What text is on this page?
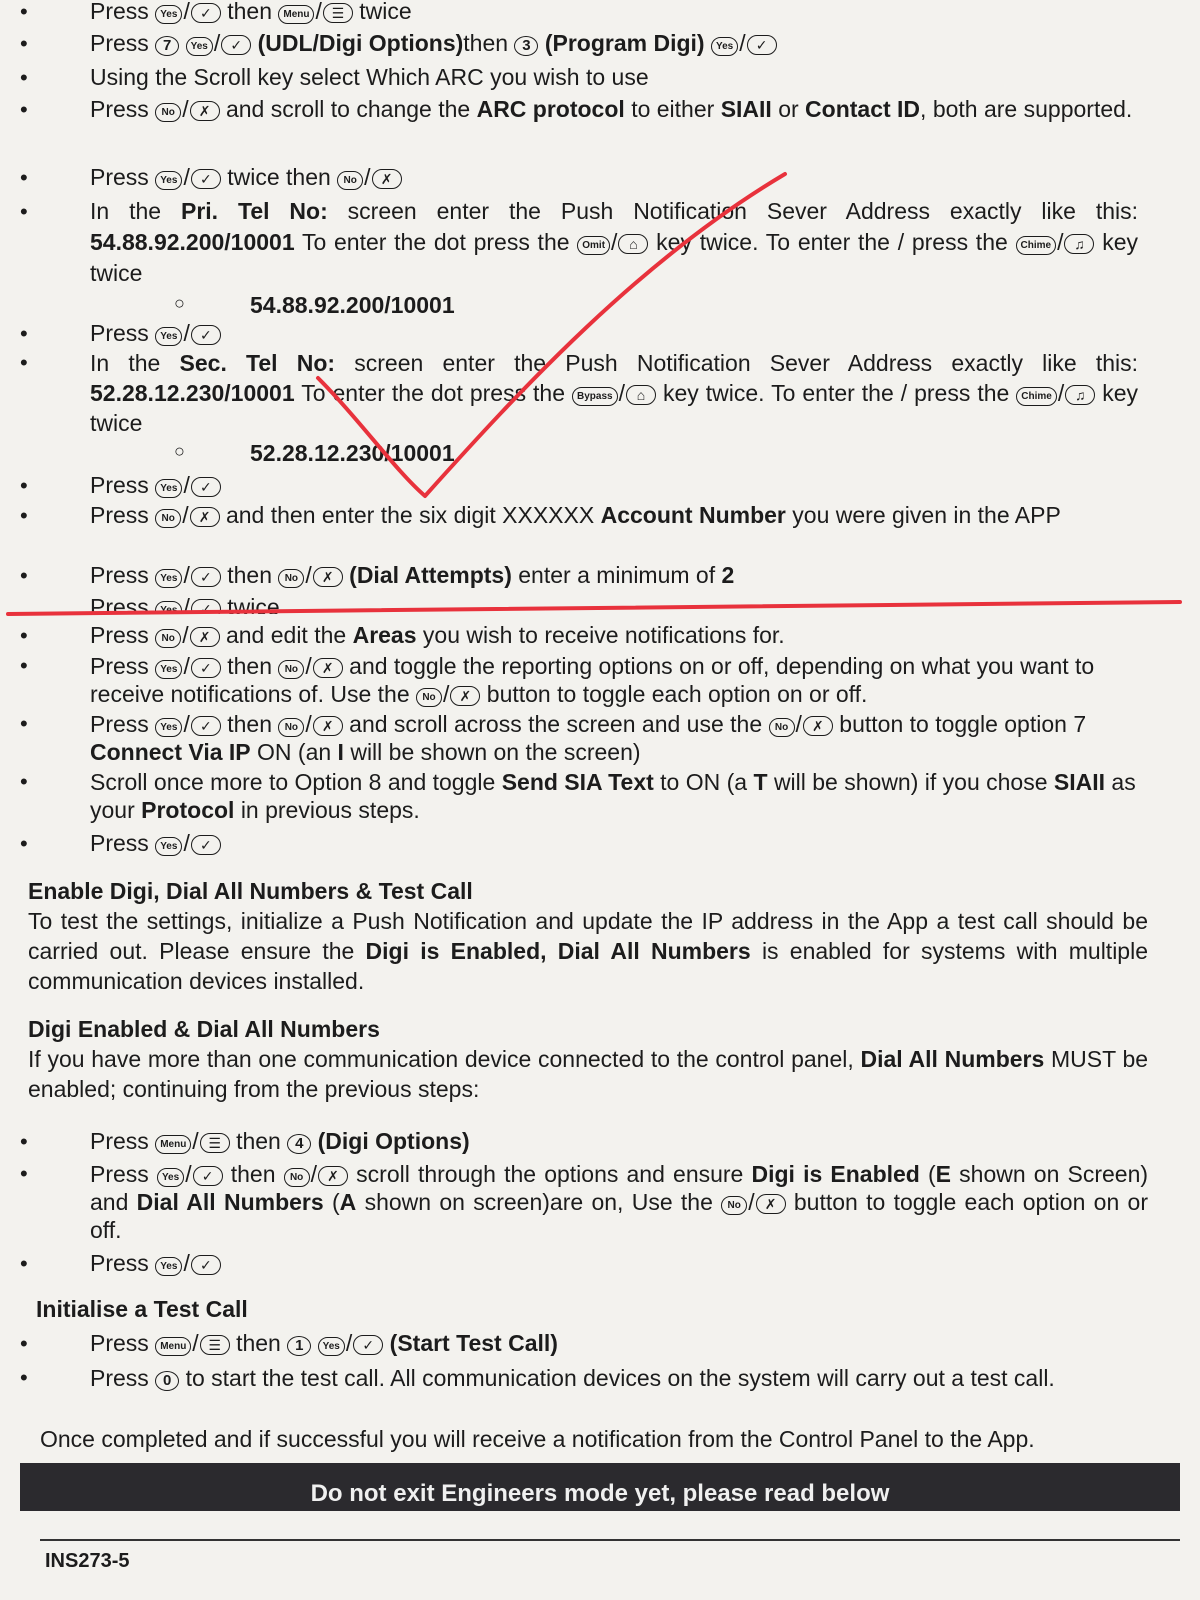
• Press Yes / ✓ then Menu / ☰ twice
• Press 7 Yes / ✓ (UDL/Digi Options)then 3 (Program Digi) Yes / ✓
• Using the Scroll key select Which ARC you wish to use
• Press No / ✗ and scroll to change the ARC protocol to either SIAII or Contact ID, both are supported.
• Press Yes / ✓ twice then No / ✗
• In the Pri. Tel No: screen enter the Push Notification Sever Address exactly like this: 54.88.92.200/10001 To enter the dot press the Omit / ⌂ key twice. To enter the / press the Chime / ♫ key twice
○ 54.88.92.200/10001
• Press Yes / ✓
• In the Sec. Tel No: screen enter the Push Notification Sever Address exactly like this: 52.28.12.230/10001 To enter the dot press the Bypass / ⌂ key twice. To enter the / press the Chime / ♫ key twice
○ 52.28.12.230/10001
• Press Yes / ✓
• Press No / ✗ and then enter the six digit XXXXXX Account Number you were given in the APP
• Press Yes / ✓ then No / ✗ (Dial Attempts) enter a minimum of 2
• Press Yes / ✓ twice
• Press No / ✗ and edit the Areas you wish to receive notifications for.
• Press Yes / ✓ then No / ✗ and toggle the reporting options on or off, depending on what you want to receive notifications of. Use the No / ✗ button to toggle each option on or off.
• Press Yes / ✓ then No / ✗ and scroll across the screen and use the No / ✗ button to toggle option 7 Connect Via IP ON (an I will be shown on the screen)
• Scroll once more to Option 8 and toggle Send SIA Text to ON (a T will be shown) if you chose SIAII as your Protocol in previous steps.
• Press Yes / ✓
Enable Digi, Dial All Numbers & Test Call
To test the settings, initialize a Push Notification and update the IP address in the App a test call should be carried out. Please ensure the Digi is Enabled, Dial All Numbers is enabled for systems with multiple communication devices installed.
Digi Enabled & Dial All Numbers
If you have more than one communication device connected to the control panel, Dial All Numbers MUST be enabled; continuing from the previous steps:
• Press Menu / ☰ then 4 (Digi Options)
• Press Yes / ✓ then No / ✗ scroll through the options and ensure Digi is Enabled (E shown on Screen) and Dial All Numbers (A shown on screen)are on, Use the No / ✗ button to toggle each option on or off.
• Press Yes / ✓
Initialise a Test Call
• Press Menu / ☰ then 1 Yes / ✓ (Start Test Call)
• Press 0 to start the test call. All communication devices on the system will carry out a test call.
Once completed and if successful you will receive a notification from the Control Panel to the App.
Do not exit Engineers mode yet, please read below
INS273-5
